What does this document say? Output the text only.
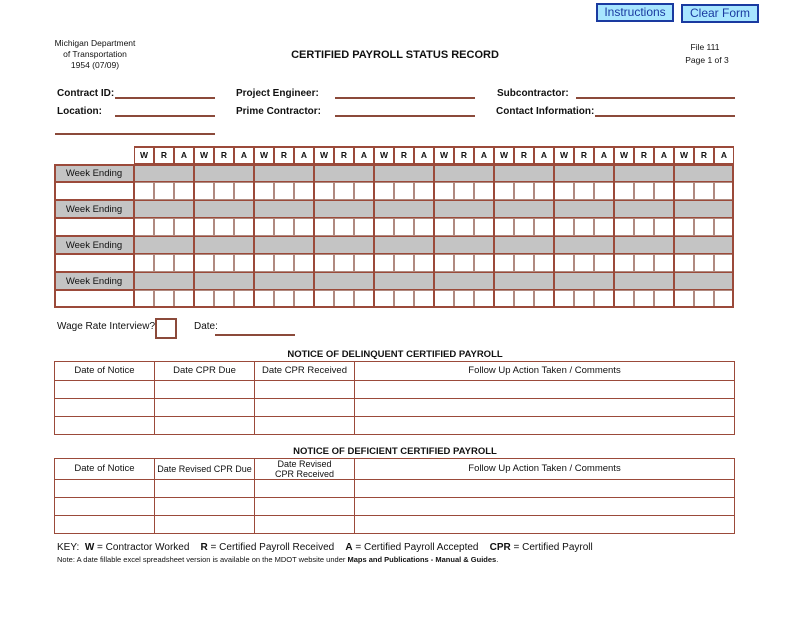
Instructions	Clear Form
Michigan Department
of Transportation
1954 (07/09)
CERTIFIED PAYROLL STATUS RECORD
File 111
Page 1 of 3
Contract ID:	Project Engineer:	Subcontractor:
Location:	Prime Contractor:	Contact Information:
W	R	A	W	R	A	W	R	A	W	R	A	W	R	A	W	R	A	W	R	A	W	R	A	W	R	A	W	R	A
Week Ending
Week Ending
Week Ending
Week Ending
Wage Rate Interview?	Date:
NOTICE OF DELINQUENT CERTIFIED PAYROLL
Date of Notice	Date CPR Due	Date CPR Received	Follow Up Action Taken / Comments

NOTICE OF DEFICIENT CERTIFIED PAYROLL
Date of Notice	Date Revised CPR Due	Date Revised CPR Received	Follow Up Action Taken / Comments

KEY: W = Contractor Worked R = Certified Payroll Received A = Certified Payroll Accepted CPR = Certified Payroll
Note: A date fillable excel spreadsheet version is available on the MDOT website under Maps and Publications - Manual & Guides.
